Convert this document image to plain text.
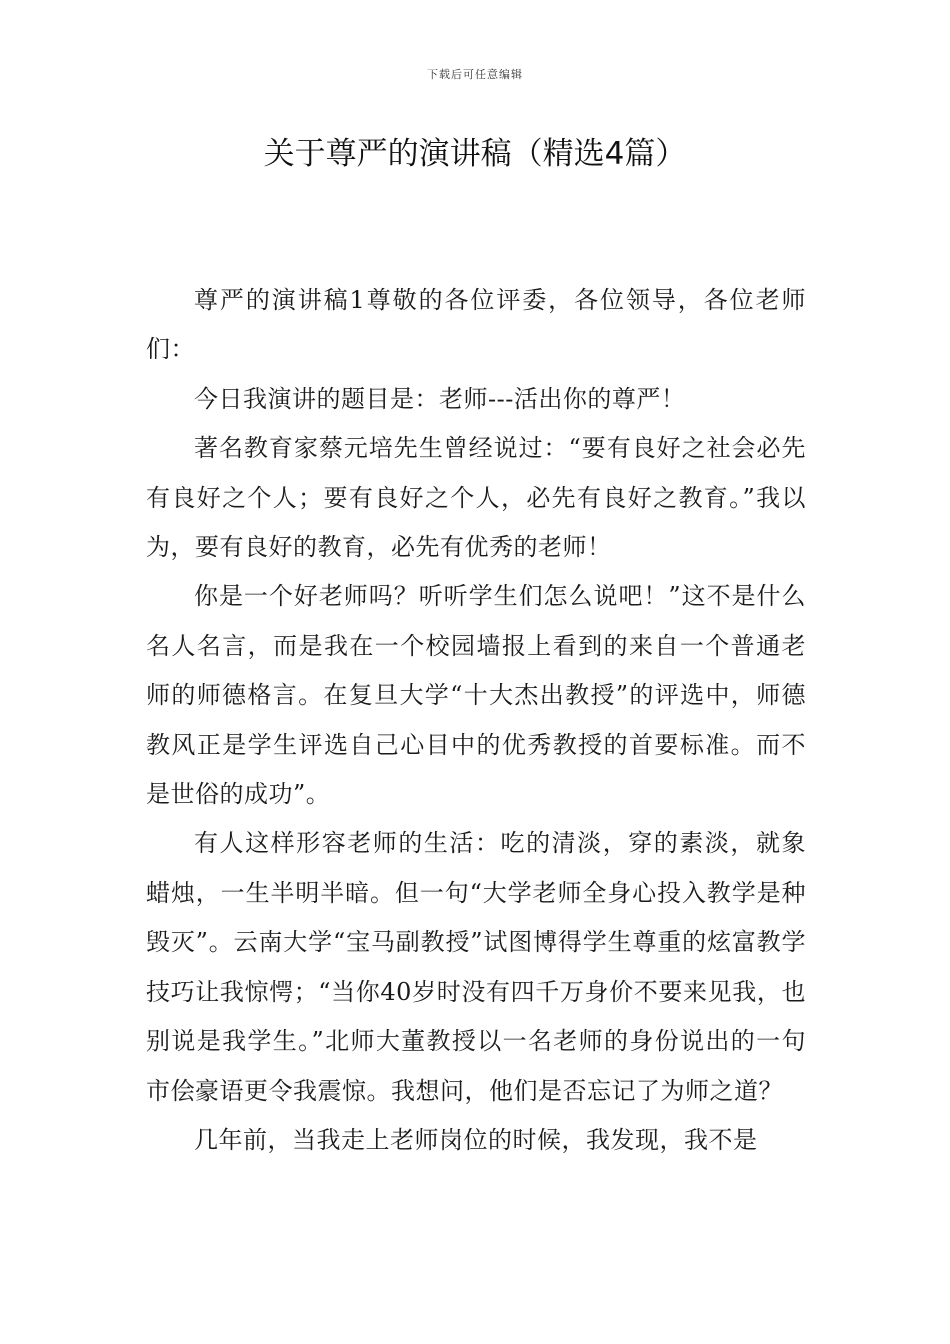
下载后可任意编辑
关于尊严的演讲稿（精选4篇）

尊严的演讲稿1尊敬的各位评委，各位领导，各位老师们：

今日我演讲的题目是：老师---活出你的尊严！

著名教育家蔡元培先生曾经说过：“要有良好之社会必先有良好之个人；要有良好之个人，必先有良好之教育。”我以为，要有良好的教育，必先有优秀的老师！

你是一个好老师吗？听听学生们怎么说吧！”这不是什么名人名言，而是我在一个校园墙报上看到的来自一个普通老师的师德格言。在复旦大学“十大杰出教授”的评选中，师德教风正是学生评选自己心目中的优秀教授的首要标准。而不是世俗的成功”。

有人这样形容老师的生活：吃的清淡，穿的素淡，就象蜡烛，一生半明半暗。但一句“大学老师全身心投入教学是种毁灭”。云南大学“宝马副教授”试图博得学生尊重的炫富教学技巧让我惊愕；“当你40岁时没有四千万身价不要来见我，也别说是我学生。”北师大董教授以一名老师的身份说出的一句市侩豪语更令我震惊。我想问，他们是否忘记了为师之道？

几年前，当我走上老师岗位的时候，我发现，我不是
